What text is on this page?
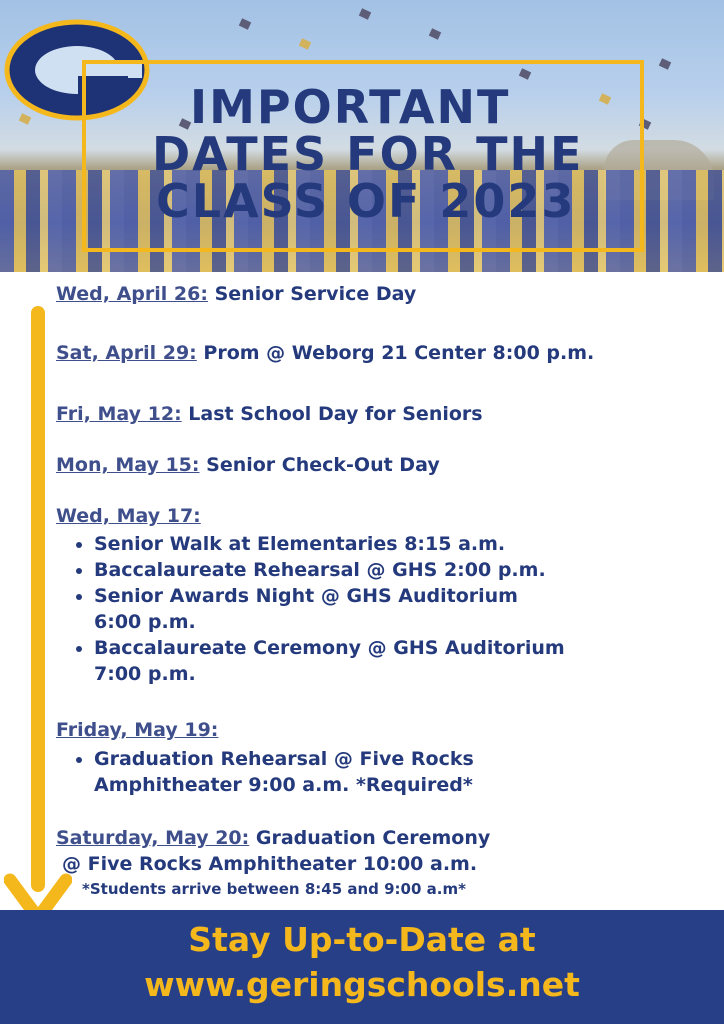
IMPORTANT
DATES FOR THE
CLASS OF 2023
Wed, April 26: Senior Service Day
Sat, April 29: Prom @ Weborg 21 Center 8:00 p.m.
Fri, May 12: Last School Day for Seniors
Mon, May 15: Senior Check-Out Day
Wed, May 17:
• Senior Walk at Elementaries 8:15 a.m.
• Baccalaureate Rehearsal @ GHS 2:00 p.m.
• Senior Awards Night @ GHS Auditorium
6:00 p.m.
• Baccalaureate Ceremony @ GHS Auditorium
7:00 p.m.
Friday, May 19:
• Graduation Rehearsal @ Five Rocks
Amphitheater 9:00 a.m. *Required*
Saturday, May 20: Graduation Ceremony
@ Five Rocks Amphitheater 10:00 a.m.
*Students arrive between 8:45 and 9:00 a.m*
Stay Up-to-Date at
www.geringschools.net
